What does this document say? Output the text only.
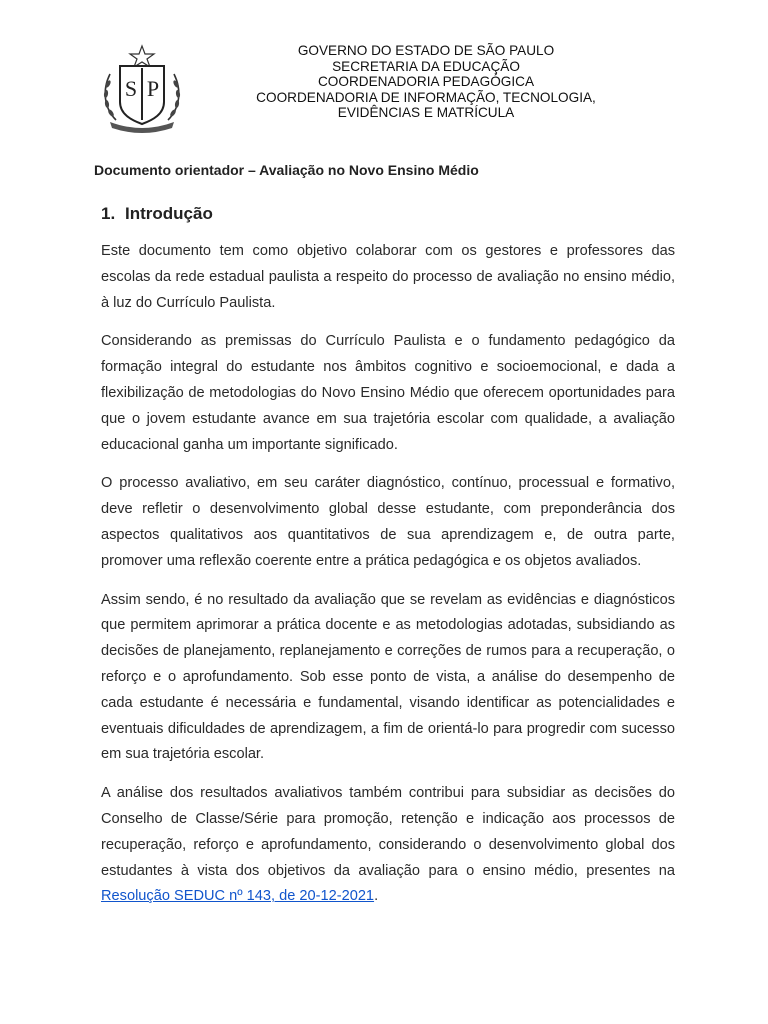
S P
GOVERNO DO ESTADO DE SÃO PAULO
SECRETARIA DA EDUCAÇÃO
COORDENADORIA PEDAGÓGICA
COORDENADORIA DE INFORMAÇÃO, TECNOLOGIA,
EVIDÊNCIAS E MATRÍCULA
Documento orientador – Avaliação no Novo Ensino Médio
1. Introdução

Este documento tem como objetivo colaborar com os gestores e professores das escolas da rede estadual paulista a respeito do processo de avaliação no ensino médio, à luz do Currículo Paulista.

Considerando as premissas do Currículo Paulista e o fundamento pedagógico da formação integral do estudante nos âmbitos cognitivo e socioemocional, e dada a flexibilização de metodologias do Novo Ensino Médio que oferecem oportunidades para que o jovem estudante avance em sua trajetória escolar com qualidade, a avaliação educacional ganha um importante significado.

O processo avaliativo, em seu caráter diagnóstico, contínuo, processual e formativo, deve refletir o desenvolvimento global desse estudante, com preponderância dos aspectos qualitativos aos quantitativos de sua aprendizagem e, de outra parte, promover uma reflexão coerente entre a prática pedagógica e os objetos avaliados.

Assim sendo, é no resultado da avaliação que se revelam as evidências e diagnósticos que permitem aprimorar a prática docente e as metodologias adotadas, subsidiando as decisões de planejamento, replanejamento e correções de rumos para a recuperação, o reforço e o aprofundamento. Sob esse ponto de vista, a análise do desempenho de cada estudante é necessária e fundamental, visando identificar as potencialidades e eventuais dificuldades de aprendizagem, a fim de orientá-lo para progredir com sucesso em sua trajetória escolar.

A análise dos resultados avaliativos também contribui para subsidiar as decisões do Conselho de Classe/Série para promoção, retenção e indicação aos processos de recuperação, reforço e aprofundamento, considerando o desenvolvimento global dos estudantes à vista dos objetivos da avaliação para o ensino médio, presentes na Resolução SEDUC nº 143, de 20-12-2021.
